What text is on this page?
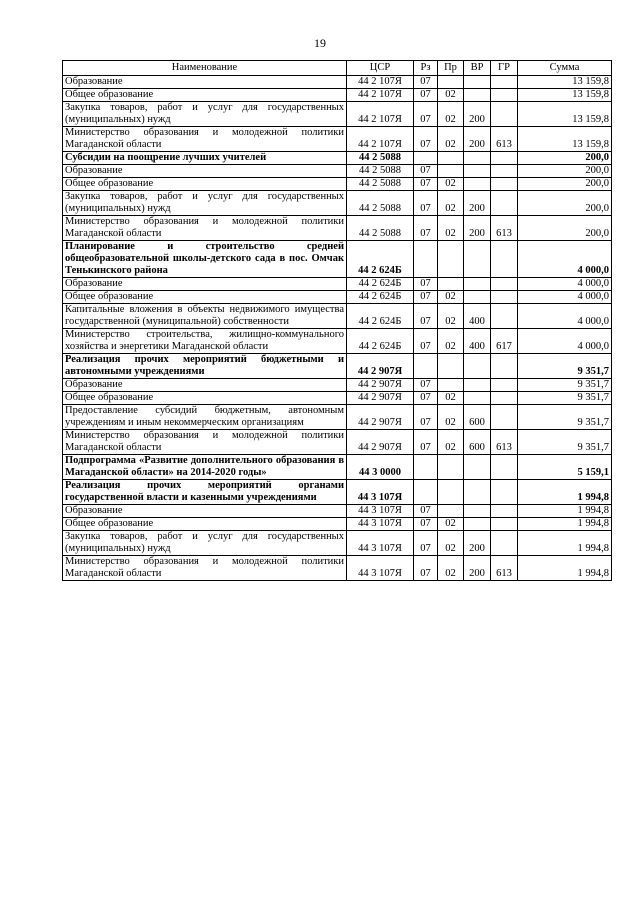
19
Наименование	ЦСР	Рз	Пр	ВР	ГР	Сумма
Образование	44 2 107Я	07				13 159,8
Общее образование	44 2 107Я	07	02			13 159,8
Закупка товаров, работ и услуг для государственных (муниципальных) нужд	44 2 107Я	07	02	200		13 159,8
Министерство образования и молодежной политики Магаданской области	44 2 107Я	07	02	200	613	13 159,8
Субсидии на поощрение лучших учителей	44 2 5088					200,0
Образование	44 2 5088	07				200,0
Общее образование	44 2 5088	07	02			200,0
Закупка товаров, работ и услуг для государственных (муниципальных) нужд	44 2 5088	07	02	200		200,0
Министерство образования и молодежной политики Магаданской области	44 2 5088	07	02	200	613	200,0
Планирование и строительство средней общеобразовательной школы-детского сада в пос. Омчак Тенькинского района	44 2 624Б					4 000,0
Образование	44 2 624Б	07				4 000,0
Общее образование	44 2 624Б	07	02			4 000,0
Капитальные вложения в объекты недвижимого имущества государственной (муниципальной) собственности	44 2 624Б	07	02	400		4 000,0
Министерство строительства, жилищно-коммунального хозяйства и энергетики Магаданской области	44 2 624Б	07	02	400	617	4 000,0
Реализация прочих мероприятий бюджетными и автономными учреждениями	44 2 907Я					9 351,7
Образование	44 2 907Я	07				9 351,7
Общее образование	44 2 907Я	07	02			9 351,7
Предоставление субсидий бюджетным, автономным учреждениям и иным некоммерческим организациям	44 2 907Я	07	02	600		9 351,7
Министерство образования и молодежной политики Магаданской области	44 2 907Я	07	02	600	613	9 351,7
Подпрограмма «Развитие дополнительного образования в Магаданской области» на 2014-2020 годы»	44 3 0000					5 159,1
Реализация прочих мероприятий органами государственной власти и казенными учреждениями	44 3 107Я					1 994,8
Образование	44 3 107Я	07				1 994,8
Общее образование	44 3 107Я	07	02			1 994,8
Закупка товаров, работ и услуг для государственных (муниципальных) нужд	44 3 107Я	07	02	200		1 994,8
Министерство образования и молодежной политики Магаданской области	44 3 107Я	07	02	200	613	1 994,8
